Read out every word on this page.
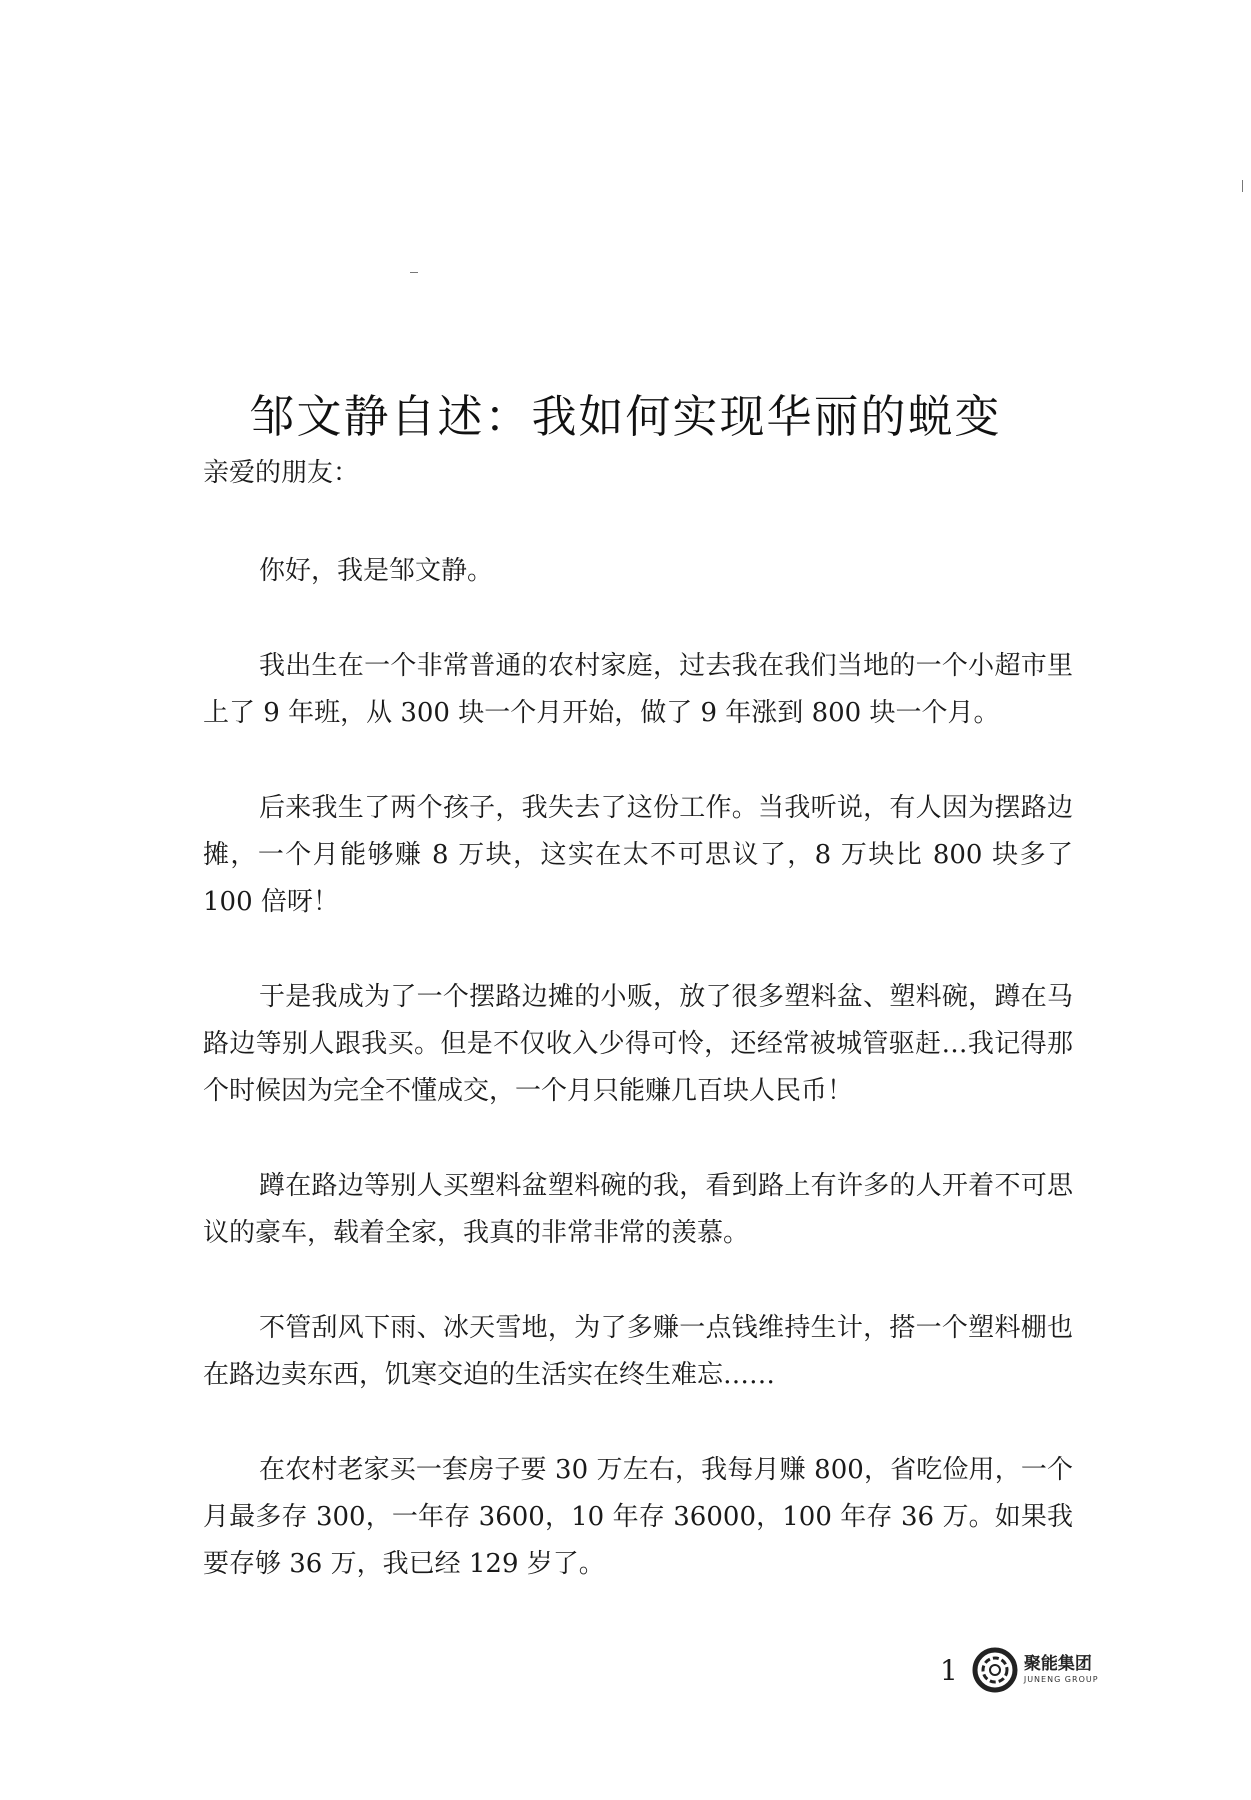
邹文静自述：我如何实现华丽的蜕变
亲爱的朋友：

你好，我是邹文静。

我出生在一个非常普通的农村家庭，过去我在我们当地的一个小超市里上了 9 年班，从 300 块一个月开始，做了 9 年涨到 800 块一个月。

后来我生了两个孩子，我失去了这份工作。当我听说，有人因为摆路边摊，一个月能够赚 8 万块，这实在太不可思议了，8 万块比 800 块多了 100 倍呀！

于是我成为了一个摆路边摊的小贩，放了很多塑料盆、塑料碗，蹲在马路边等别人跟我买。但是不仅收入少得可怜，还经常被城管驱赶…我记得那个时候因为完全不懂成交，一个月只能赚几百块人民币！

蹲在路边等别人买塑料盆塑料碗的我，看到路上有许多的人开着不可思议的豪车，载着全家，我真的非常非常的羡慕。

不管刮风下雨、冰天雪地，为了多赚一点钱维持生计，搭一个塑料棚也在路边卖东西，饥寒交迫的生活实在终生难忘……

在农村老家买一套房子要 30 万左右，我每月赚 800，省吃俭用，一个月最多存 300，一年存 3600，10 年存 36000，100 年存 36 万。如果我要存够 36 万，我已经 129 岁了。

1	聚能集团
JUNENG GROUP
